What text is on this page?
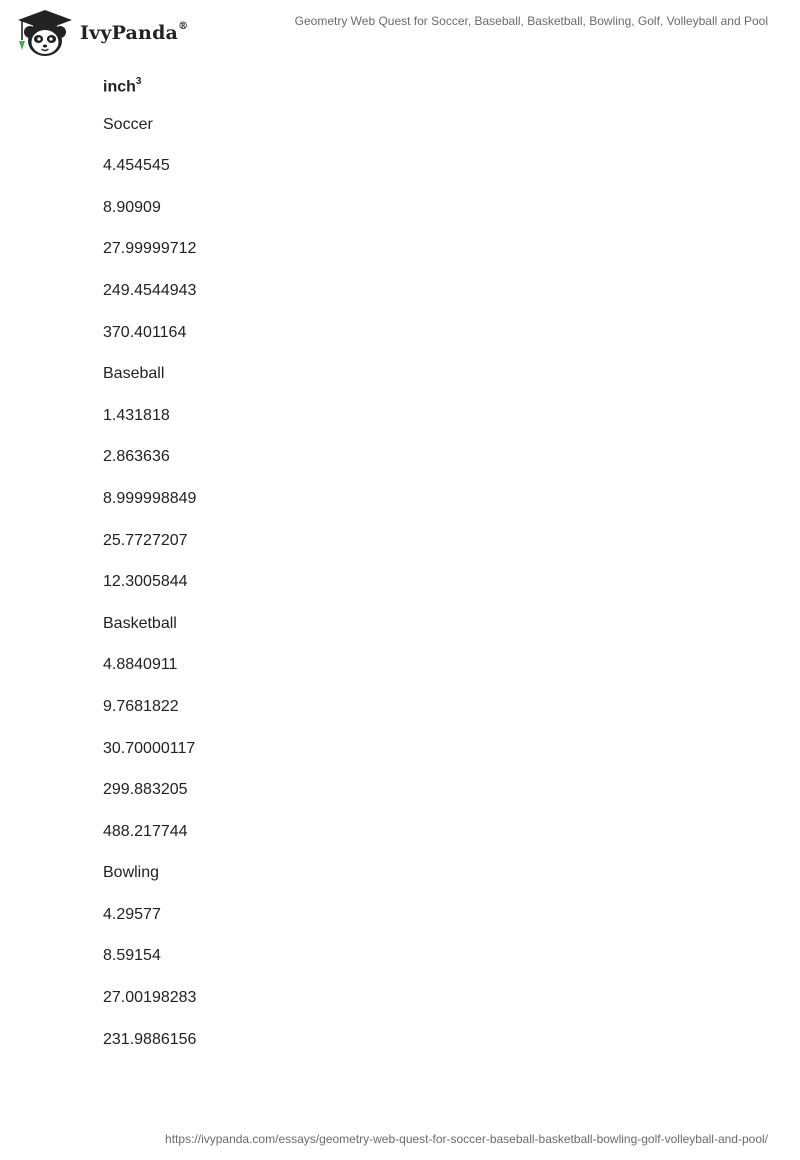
IvyPanda®	Geometry Web Quest for Soccer, Baseball, Basketball, Bowling, Golf, Volleyball and Pool
inch$^3$
Soccer
4.454545
8.90909
27.99999712
249.4544943
370.401164
Baseball
1.431818
2.863636
8.999998849
25.7727207
12.3005844
Basketball
4.8840911
9.7681822
30.70000117
299.883205
488.217744
Bowling
4.29577
8.59154
27.00198283
231.9886156
https://ivypanda.com/essays/geometry-web-quest-for-soccer-baseball-basketball-bowling-golf-volleyball-and-pool/
